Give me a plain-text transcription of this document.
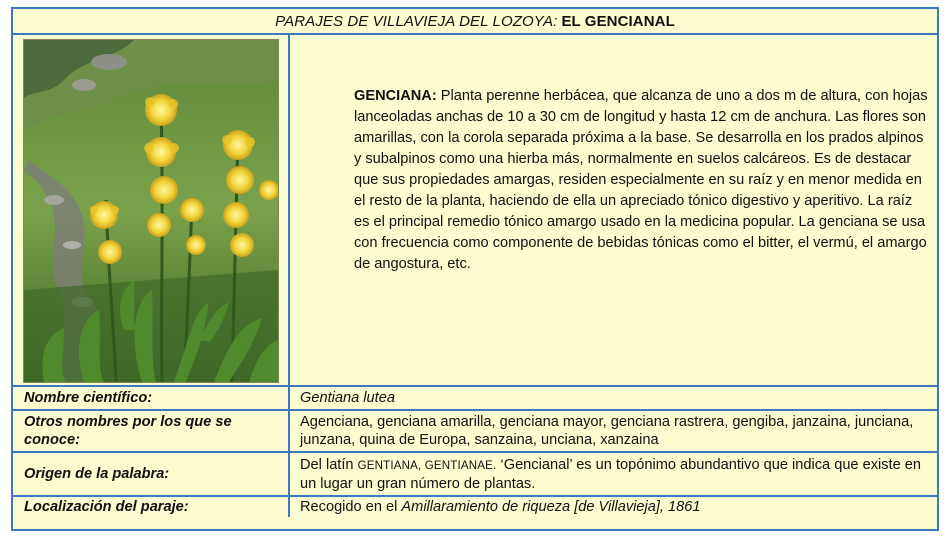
PARAJES DE VILLAVIEJA DEL LOZOYA: EL GENCIANAL

GENCIANA: Planta perenne herbácea, que alcanza de uno a dos m de altura, con hojas lanceoladas anchas de 10 a 30 cm de longitud y hasta 12 cm de anchura. Las flores son amarillas, con la corola separada próxima a la base. Se desarrolla en los prados alpinos y subalpinos como una hierba más, normalmente en suelos calcáreos. Es de destacar que sus propiedades amargas, residen especialmente en su raíz y en menor medida en el resto de la planta, haciendo de ella un apreciado tónico digestivo y aperitivo. La raíz es el principal remedio tónico amargo usado en la medicina popular. La genciana se usa con frecuencia como componente de bebidas tónicas como el bitter, el vermú, el amargo de angostura, etc.

Nombre científico:	Gentiana lutea
Otros nombres por los que se conoce:
Agenciana, genciana amarilla, genciana mayor, genciana rastrera, gengiba, janzaina, junciana, junzana, quina de Europa, sanzaina, unciana, xanzaina
Origen de la palabra:
Del latín GENTIANA, GENTIANAE. ‘Gencianal’ es un topónimo abundantivo que indica que existe en un lugar un gran número de plantas.
Localización del paraje:	Recogido en el Amillaramiento de riqueza [de Villavieja], 1861
